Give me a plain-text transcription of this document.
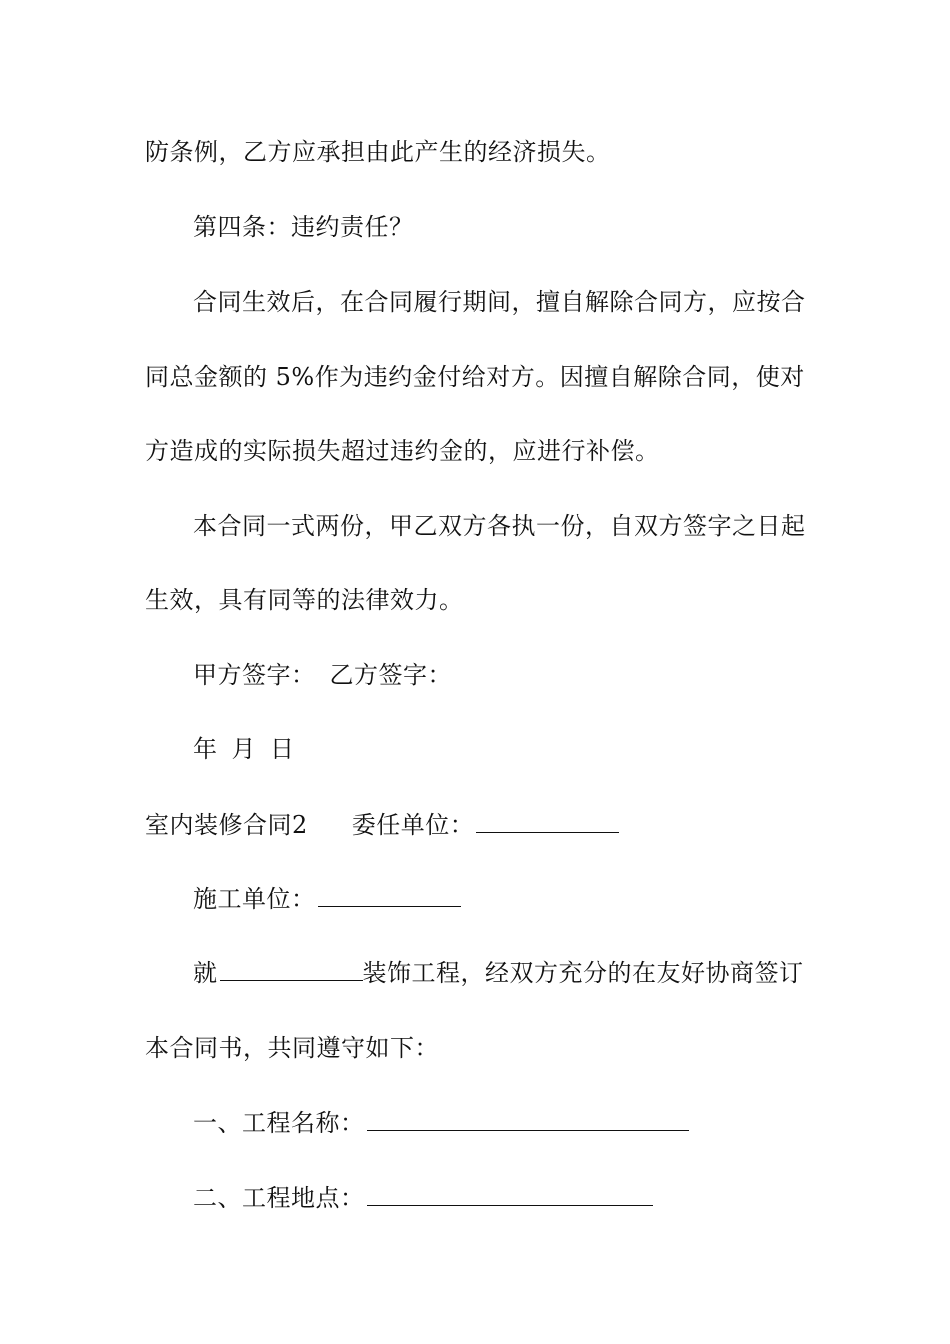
防条例，乙方应承担由此产生的经济损失。
第四条：违约责任？
合同生效后，在合同履行期间，擅自解除合同方，应按合
同总金额的 5%作为违约金付给对方。因擅自解除合同，使对
方造成的实际损失超过违约金的，应进行补偿。
本合同一式两份，甲乙双方各执一份，自双方签字之日起
生效，具有同等的法律效力。
甲方签字： 乙方签字：
年 月 日
室内装修合同2 委任单位：
施工单位：
就	装饰工程，经双方充分的在友好协商签订
本合同书，共同遵守如下：
一、工程名称：
二、工程地点：
